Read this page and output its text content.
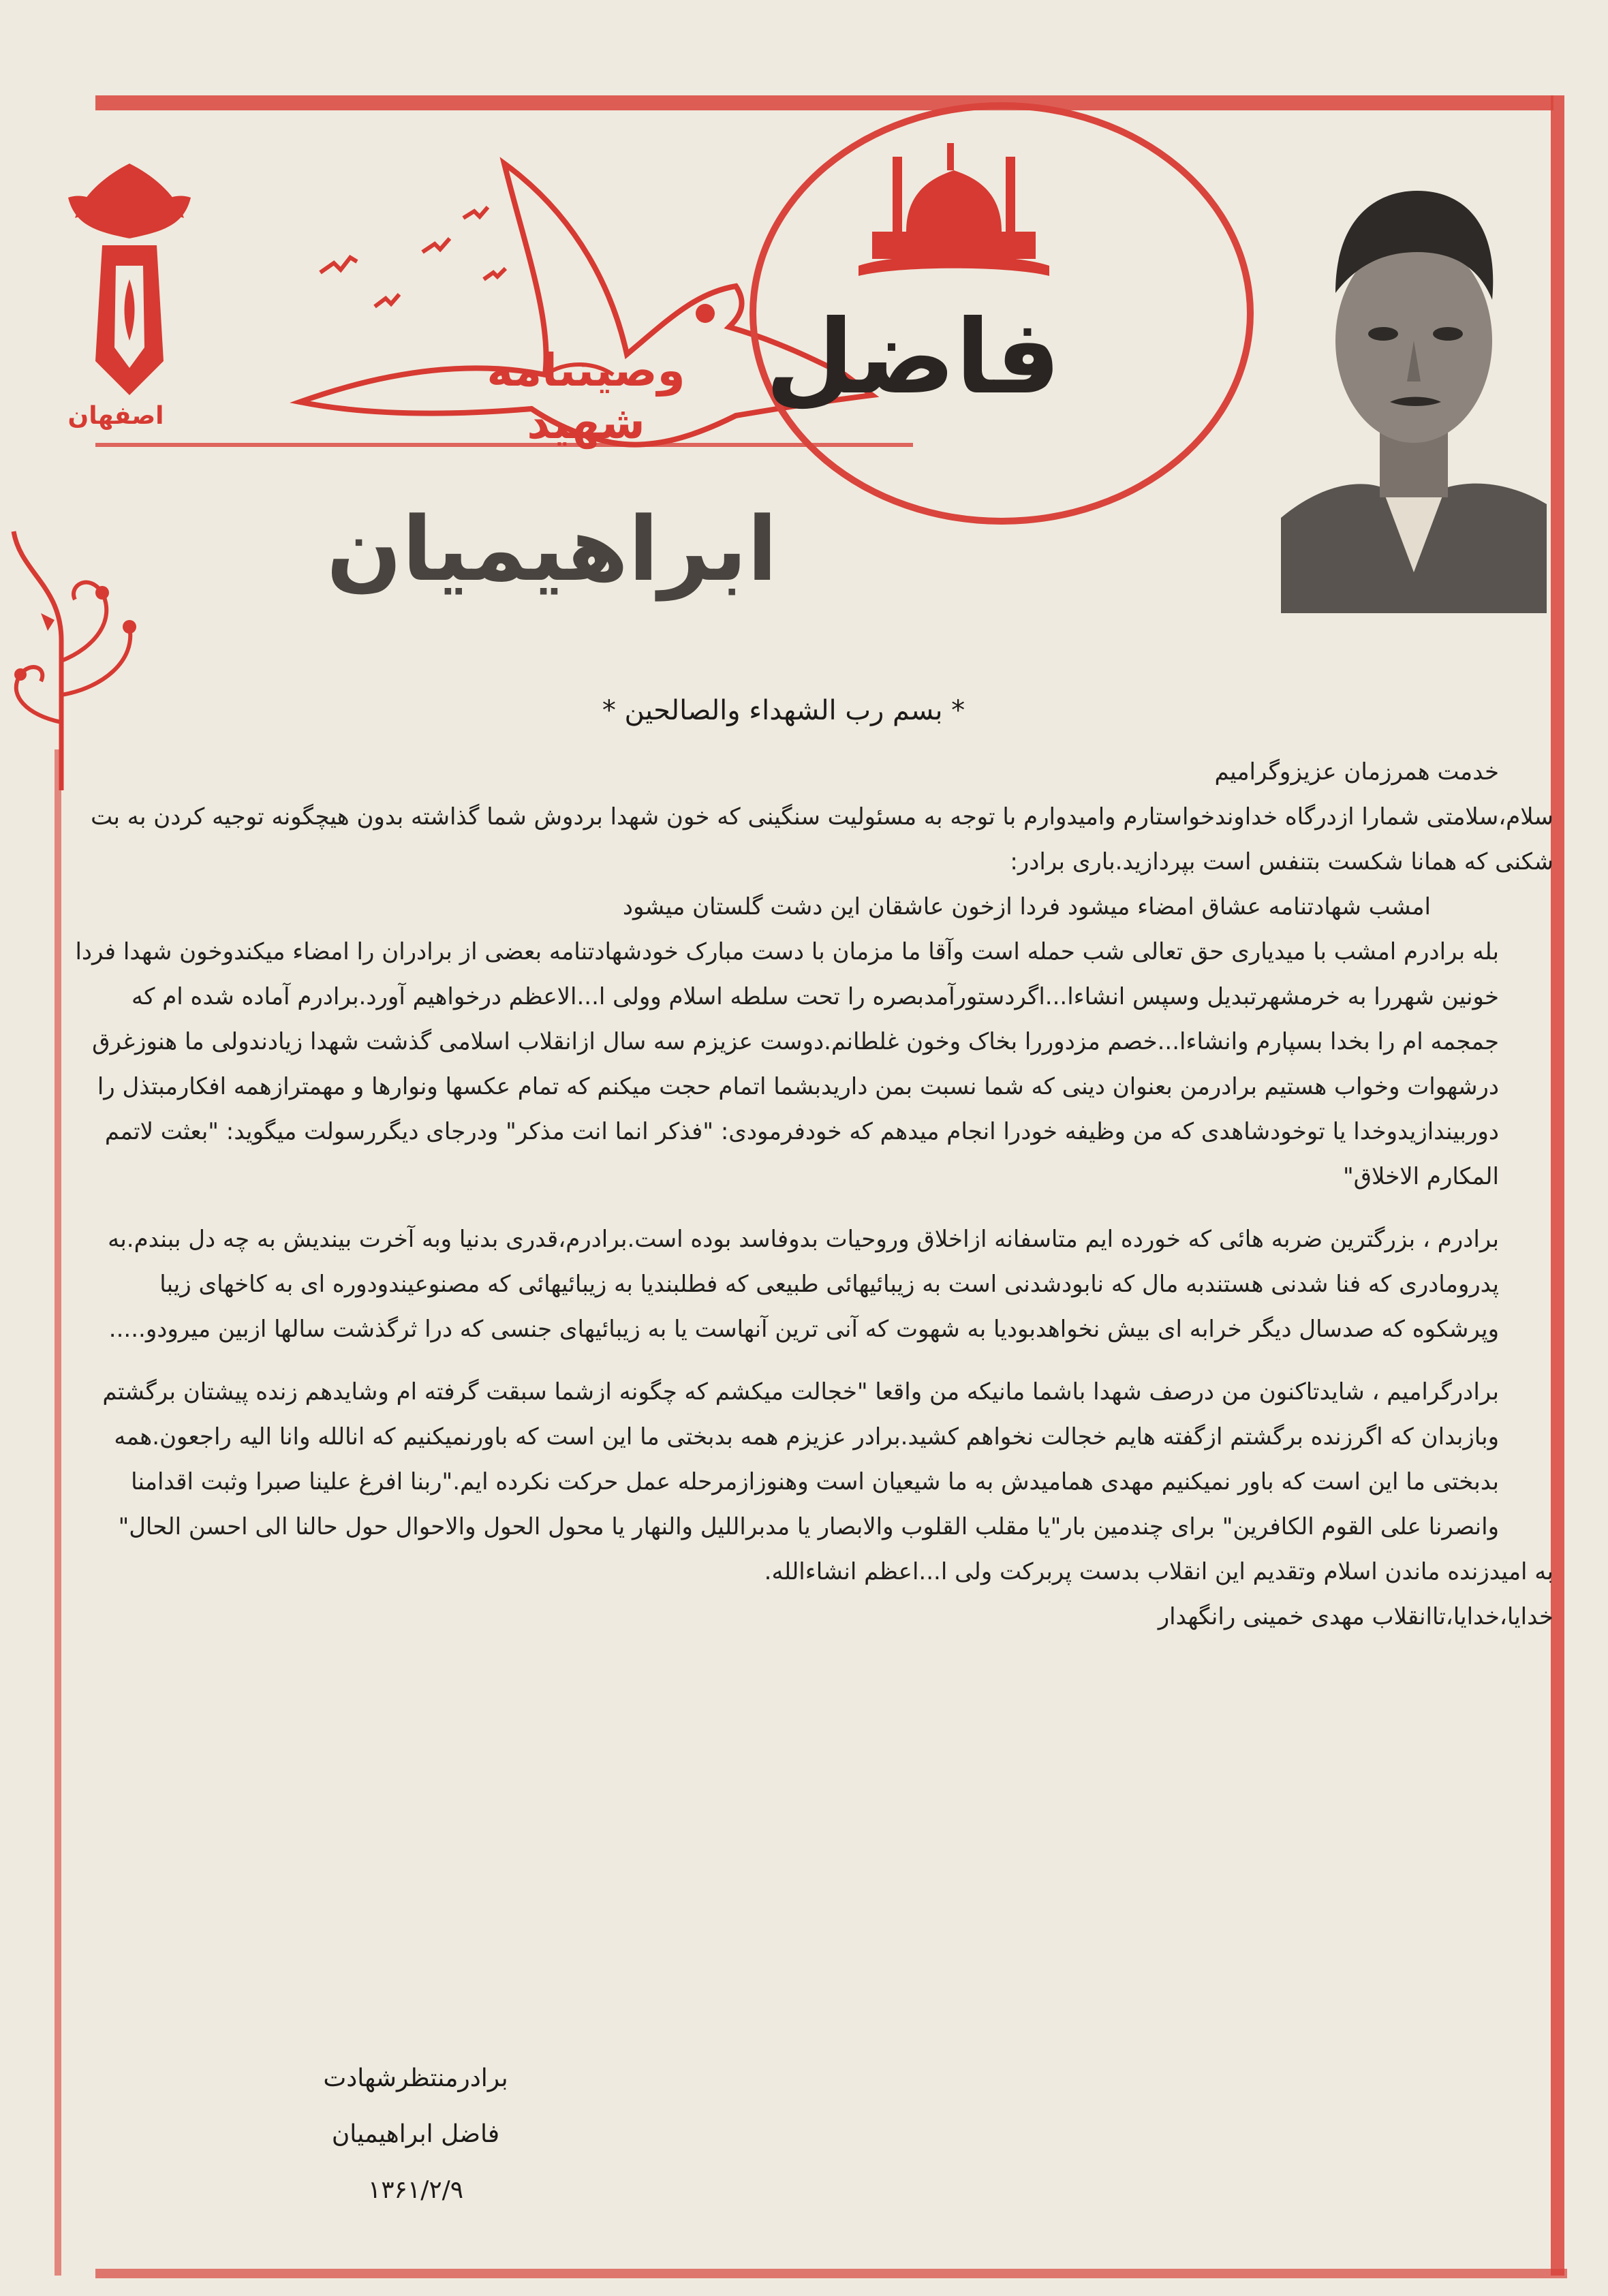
فاضل
وصیتنامه شهید
اصفهان
ابراهیمیان
* بسم رب الشهداء والصالحین *

خدمت همرزمان عزیزوگرامیم

سلام،سلامتی شمارا ازدرگاه خداوندخواستارم وامیدوارم با توجه به مسئولیت سنگینی که خون شهدا بردوش شما گذاشته بدون هیچگونه توجیه کردن به بت شکنی که همانا شکست بتنفس است بپردازید.باری برادر:

امشب شهادتنامه عشاق امضاء میشود فردا ازخون عاشقان این دشت گلستان میشود

بله برادرم امشب با میدیاری حق تعالی شب حمله است وآقا ما مزمان با دست مبارک خودشهادتنامه بعضی از برادران را امضاء میکندوخون شهدا فردا خونین شهررا به خرمشهرتبدیل وسپس انشاءا...اگردستورآمدبصره را تحت سلطه اسلام وولی ا...الاعظم درخواهیم آورد.برادرم آماده شده ام که جمجمه ام را بخدا بسپارم وانشاءا...خصم مزدوررا بخاک وخون غلطانم.دوست عزیزم سه سال ازانقلاب اسلامی گذشت شهدا زیادندولی ما هنوزغرق درشهوات وخواب هستیم برادرمن بعنوان دینی که شما نسبت بمن داریدبشما اتمام حجت میکنم که تمام عکسها ونوارها و مهمترازهمه افکارمبتذل را دوربیندازیدوخدا یا توخودشاهدی که من وظیفه خودرا انجام میدهم که خودفرمودی: "فذکر انما انت مذکر" ودرجای دیگررسولت میگوید: "بعثت لاتمم المکارم الاخلاق"

برادرم ، بزرگترین ضربه هائی که خورده ایم متاسفانه ازاخلاق وروحیات بدوفاسد بوده است.برادرم،قدری بدنیا وبه آخرت بیندیش به چه دل ببندم.به پدرومادری که فنا شدنی هستندبه مال که نابودشدنی است به زیبائیهائی طبیعی که فطلبندیا به زیبائیهائی که مصنوعیندودوره ای به کاخهای زیبا وپرشکوه که صدسال دیگر خرابه ای بیش نخواهدبودیا به شهوت که آنی ترین آنهاست یا به زیبائیهای جنسی که درا ثرگذشت سالها ازبین میرودو.....

برادرگرامیم ، شایدتاکنون من درصف شهدا باشما مانیکه من واقعا "خجالت میکشم که چگونه ازشما سبقت گرفته ام وشایدهم زنده پیشتان برگشتم وبازبدان که اگرزنده برگشتم ازگفته هایم خجالت نخواهم کشید.برادر عزیزم همه بدبختی ما این است که باورنمیکنیم که انالله وانا الیه راجعون.همه بدبختی ما این است که باور نمیکنیم مهدی همامیدش به ما شیعیان است وهنوزازمرحله عمل حرکت نکرده ایم."ربنا افرغ علینا صبرا وثبت اقدامنا وانصرنا علی القوم الکافرین" برای چندمین بار"یا مقلب القلوب والابصار یا مدبراللیل والنهار یا محول الحول والاحوال حول حالنا الی احسن الحال"

به امیدزنده ماندن اسلام وتقدیم این انقلاب بدست پربرکت ولی ا...اعظم انشاءالله.

خدایا،خدایا،تاانقلاب مهدی خمینی رانگهدار

برادرمنتظرشهادت
فاضل ابراهیمیان
۱۳۶۱/۲/۹
